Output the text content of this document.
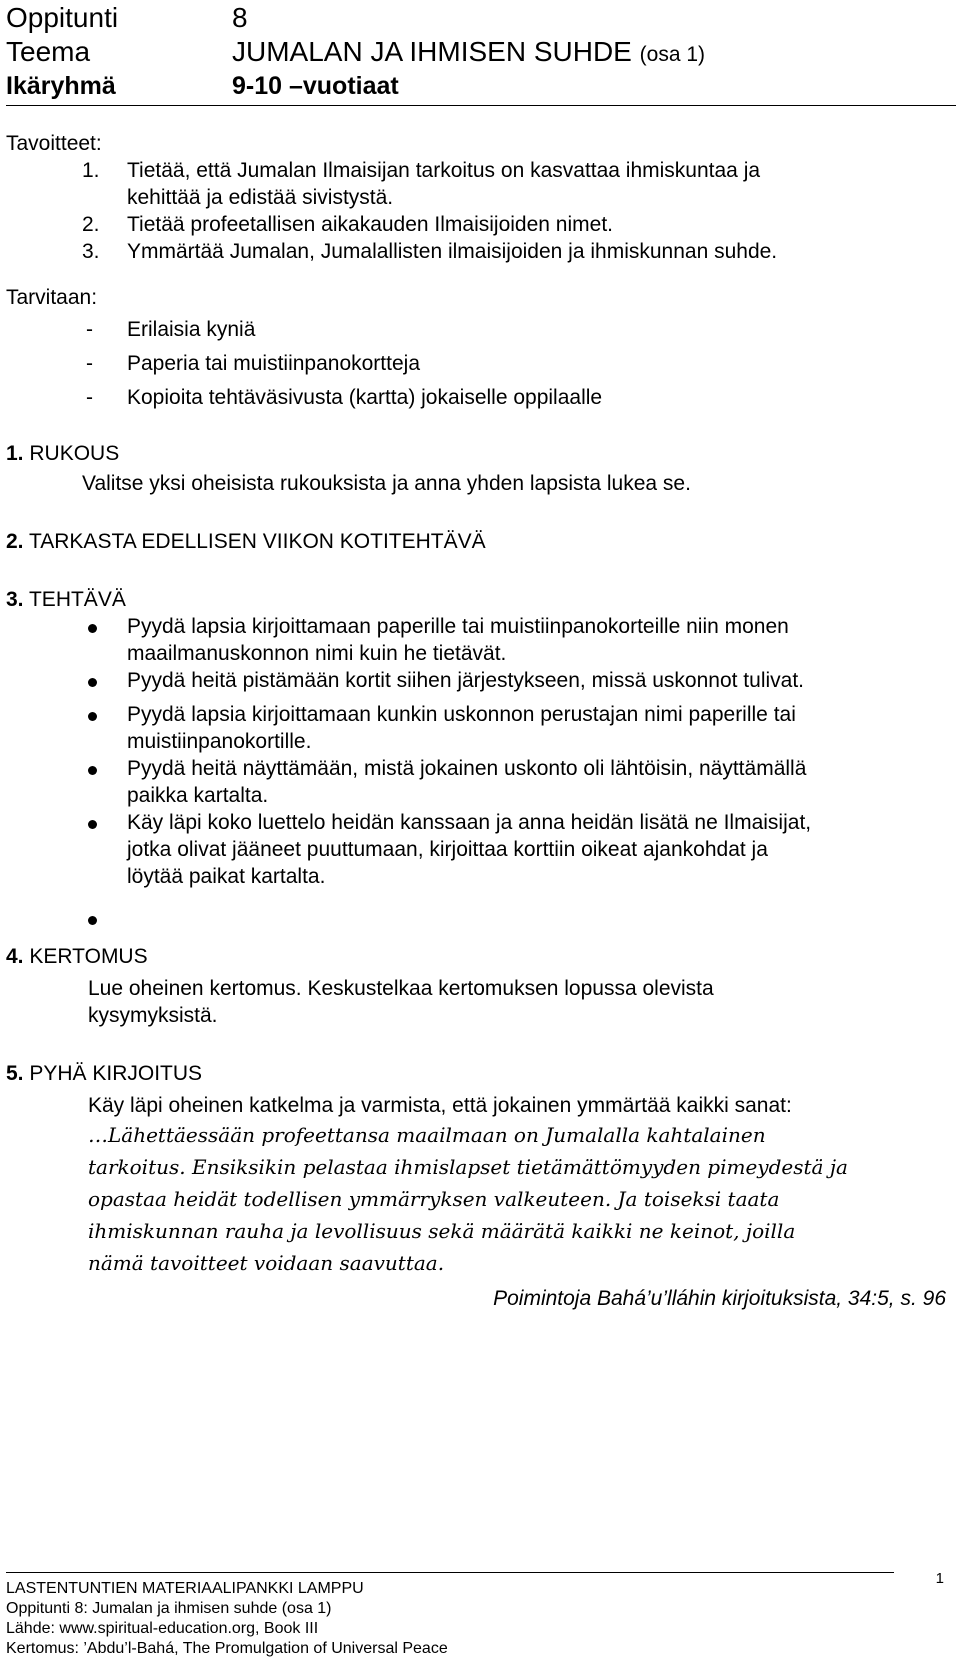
Oppitunti	8
Teema	JUMALAN JA IHMISEN SUHDE (osa 1)
Ikäryhmä	9-10 –vuotiaat
Tavoitteet:
1. Tietää, että Jumalan Ilmaisijan tarkoitus on kasvattaa ihmiskuntaa ja
kehittää ja edistää sivistystä.
2. Tietää profeetallisen aikakauden Ilmaisijoiden nimet.
3. Ymmärtää Jumalan, Jumalallisten ilmaisijoiden ja ihmiskunnan suhde.
Tarvitaan:
- Erilaisia kyniä
- Paperia tai muistiinpanokortteja
- Kopioita tehtäväsivusta (kartta) jokaiselle oppilaalle
1. RUKOUS
Valitse yksi oheisista rukouksista ja anna yhden lapsista lukea se.
2. TARKASTA EDELLISEN VIIKON KOTITEHTÄVÄ
3. TEHTÄVÄ
Pyydä lapsia kirjoittamaan paperille tai muistiinpanokorteille niin monen
maailmanuskonnon nimi kuin he tietävät.
Pyydä heitä pistämään kortit siihen järjestykseen, missä uskonnot tulivat.
Pyydä lapsia kirjoittamaan kunkin uskonnon perustajan nimi paperille tai
muistiinpanokortille.
Pyydä heitä näyttämään, mistä jokainen uskonto oli lähtöisin, näyttämällä
paikka kartalta.
Käy läpi koko luettelo heidän kanssaan ja anna heidän lisätä ne Ilmaisijat,
jotka olivat jääneet puuttumaan, kirjoittaa korttiin oikeat ajankohdat ja
löytää paikat kartalta.
4. KERTOMUS
Lue oheinen kertomus. Keskustelkaa kertomuksen lopussa olevista
kysymyksistä.
5. PYHÄ KIRJOITUS
Käy läpi oheinen katkelma ja varmista, että jokainen ymmärtää kaikki sanat:
…Lähettäessään profeettansa maailmaan on Jumalalla kahtalainen
tarkoitus. Ensiksikin pelastaa ihmislapset tietämättömyyden pimeydestä ja
opastaa heidät todellisen ymmärryksen valkeuteen. Ja toiseksi taata
ihmiskunnan rauha ja levollisuus sekä määrätä kaikki ne keinot, joilla
nämä tavoitteet voidaan saavuttaa.
Poimintoja Bahá’u’lláhin kirjoituksista, 34:5, s. 96
LASTENTUNTIEN MATERIAALIPANKKI LAMPPU
1
Oppitunti 8: Jumalan ja ihmisen suhde (osa 1)
Lähde: www.spiritual-education.org, Book III
Kertomus: ’Abdu’l-Bahá, The Promulgation of Universal Peace
